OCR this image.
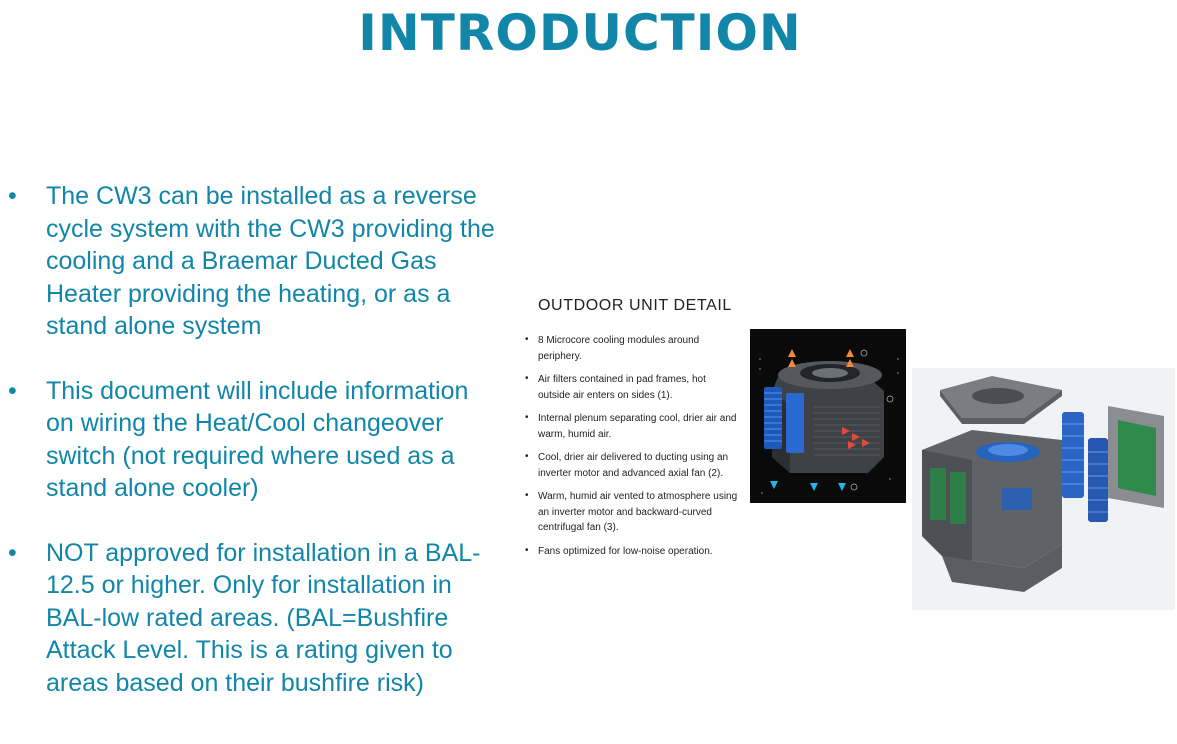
INTRODUCTION
• The CW3 can be installed as a reverse cycle system with the CW3 providing the cooling and a Braemar Ducted Gas Heater providing the heating, or as a stand alone system
• This document will include information on wiring the Heat/Cool changeover switch (not required where used as a stand alone cooler)
• NOT approved for installation in a BAL-12.5 or higher. Only for installation in BAL-low rated areas. (BAL=Bushfire Attack Level. This is a rating given to areas based on their bushfire risk)
OUTDOOR UNIT DETAIL
• 8 Microcore cooling modules around periphery.
• Air filters contained in pad frames, hot outside air enters on sides (1).
• Internal plenum separating cool, drier air and warm, humid air.
• Cool, drier air delivered to ducting using an inverter motor and advanced axial fan (2).
• Warm, humid air vented to atmosphere using an inverter motor and backward-curved centrifugal fan (3).
• Fans optimized for low-noise operation.
